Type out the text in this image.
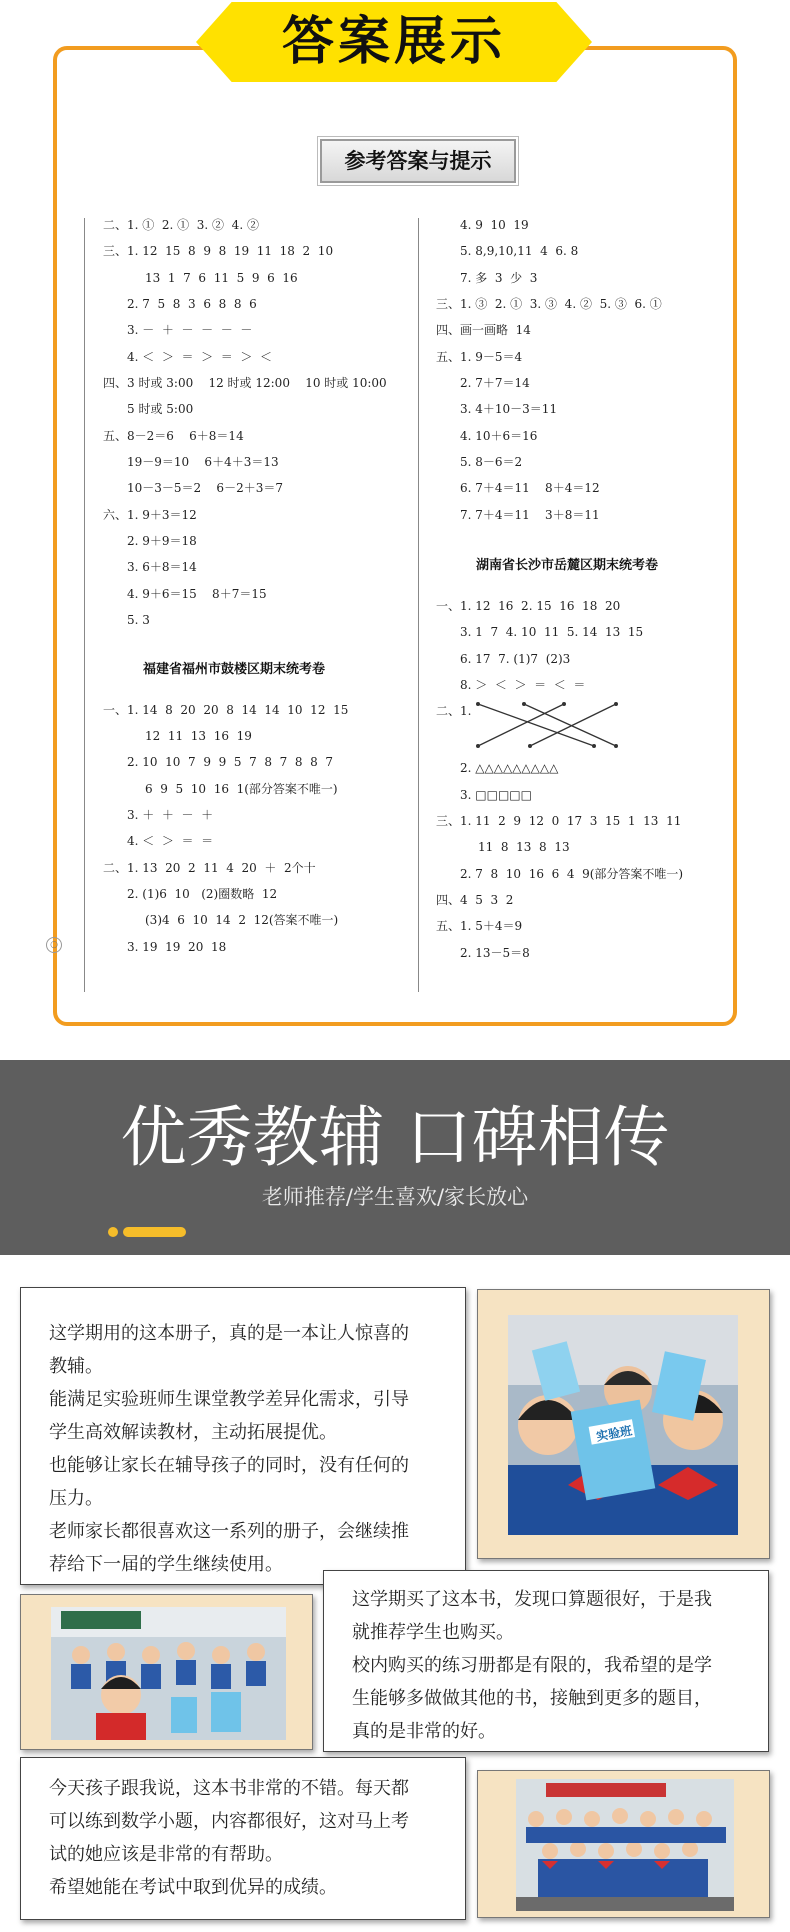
答案展示
参考答案与提示
○
二、1. ①  2. ①  3. ②  4. ②
三、1. 12  15  8  9  8  19  11  18  2  10
13  1  7  6  11  5  9  6  16
2. 7  5  8  3  6  8  8  6
3. －  ＋  －  －  －  －
4. ＜  ＞  ＝  ＞  ＝  ＞  ＜
四、3 时或 3:00    12 时或 12:00    10 时或 10:00
5 时或 5:00
五、8－2＝6    6＋8＝14
19－9＝10    6＋4＋3＝13
10－3－5＝2    6－2＋3＝7
六、1. 9＋3＝12
2. 9＋9＝18
3. 6＋8＝14
4. 9＋6＝15    8＋7＝15
5. 3
福建省福州市鼓楼区期末统考卷
一、1. 14  8  20  20  8  14  14  10  12  15
12  11  13  16  19
2. 10  10  7  9  9  5  7  8  7  8  8  7
6  9  5  10  16  1(部分答案不唯一)
3. ＋  ＋  －  ＋
4. ＜  ＞  ＝  ＝
二、1. 13  20  2  11  4  20  ＋  2个十
2. (1)6  10   (2)圈数略  12
(3)4  6  10  14  2  12(答案不唯一)
3. 19  19  20  18
4. 9  10  19
5. 8,9,10,11  4  6. 8
7. 多  3  少  3
三、1. ③  2. ①  3. ③  4. ②  5. ③  6. ①
四、画一画略  14
五、1. 9－5＝4
2. 7＋7＝14
3. 4＋10－3＝11
4. 10＋6＝16
5. 8－6＝2
6. 7＋4＝11    8＋4＝12
7. 7＋4＝11    3＋8＝11
湖南省长沙市岳麓区期末统考卷
一、1. 12  16  2. 15  16  18  20
3. 1  7  4. 10  11  5. 14  13  15
6. 17  7. (1)7  (2)3
8. ＞  ＜  ＞  ＝  ＜  ＝
二、1.
2. △△△△△△△△△
3. □□□□□
三、1. 11  2  9  12  0  17  3  15  1  13  11
11  8  13  8  13
2. 7  8  10  16  6  4  9(部分答案不唯一)
四、4  5  3  2
五、1. 5＋4＝9
2. 13－5＝8
优秀教辅 口碑相传
老师推荐/学生喜欢/家长放心

这学期用的这本册子，真的是一本让人惊喜的

教辅。

能满足实验班师生课堂教学差异化需求，引导

学生高效解读教材，主动拓展提优。

也能够让家长在辅导孩子的同时，没有任何的

压力。

老师家长都很喜欢这一系列的册子，会继续推

荐给下一届的学生继续使用。

实验班

这学期买了这本书，发现口算题很好，于是我

就推荐学生也购买。

校内购买的练习册都是有限的，我希望的是学

生能够多做做其他的书，接触到更多的题目，

真的是非常的好。

今天孩子跟我说，这本书非常的不错。每天都

可以练到数学小题，内容都很好，这对马上考

试的她应该是非常的有帮助。

希望她能在考试中取到优异的成绩。
